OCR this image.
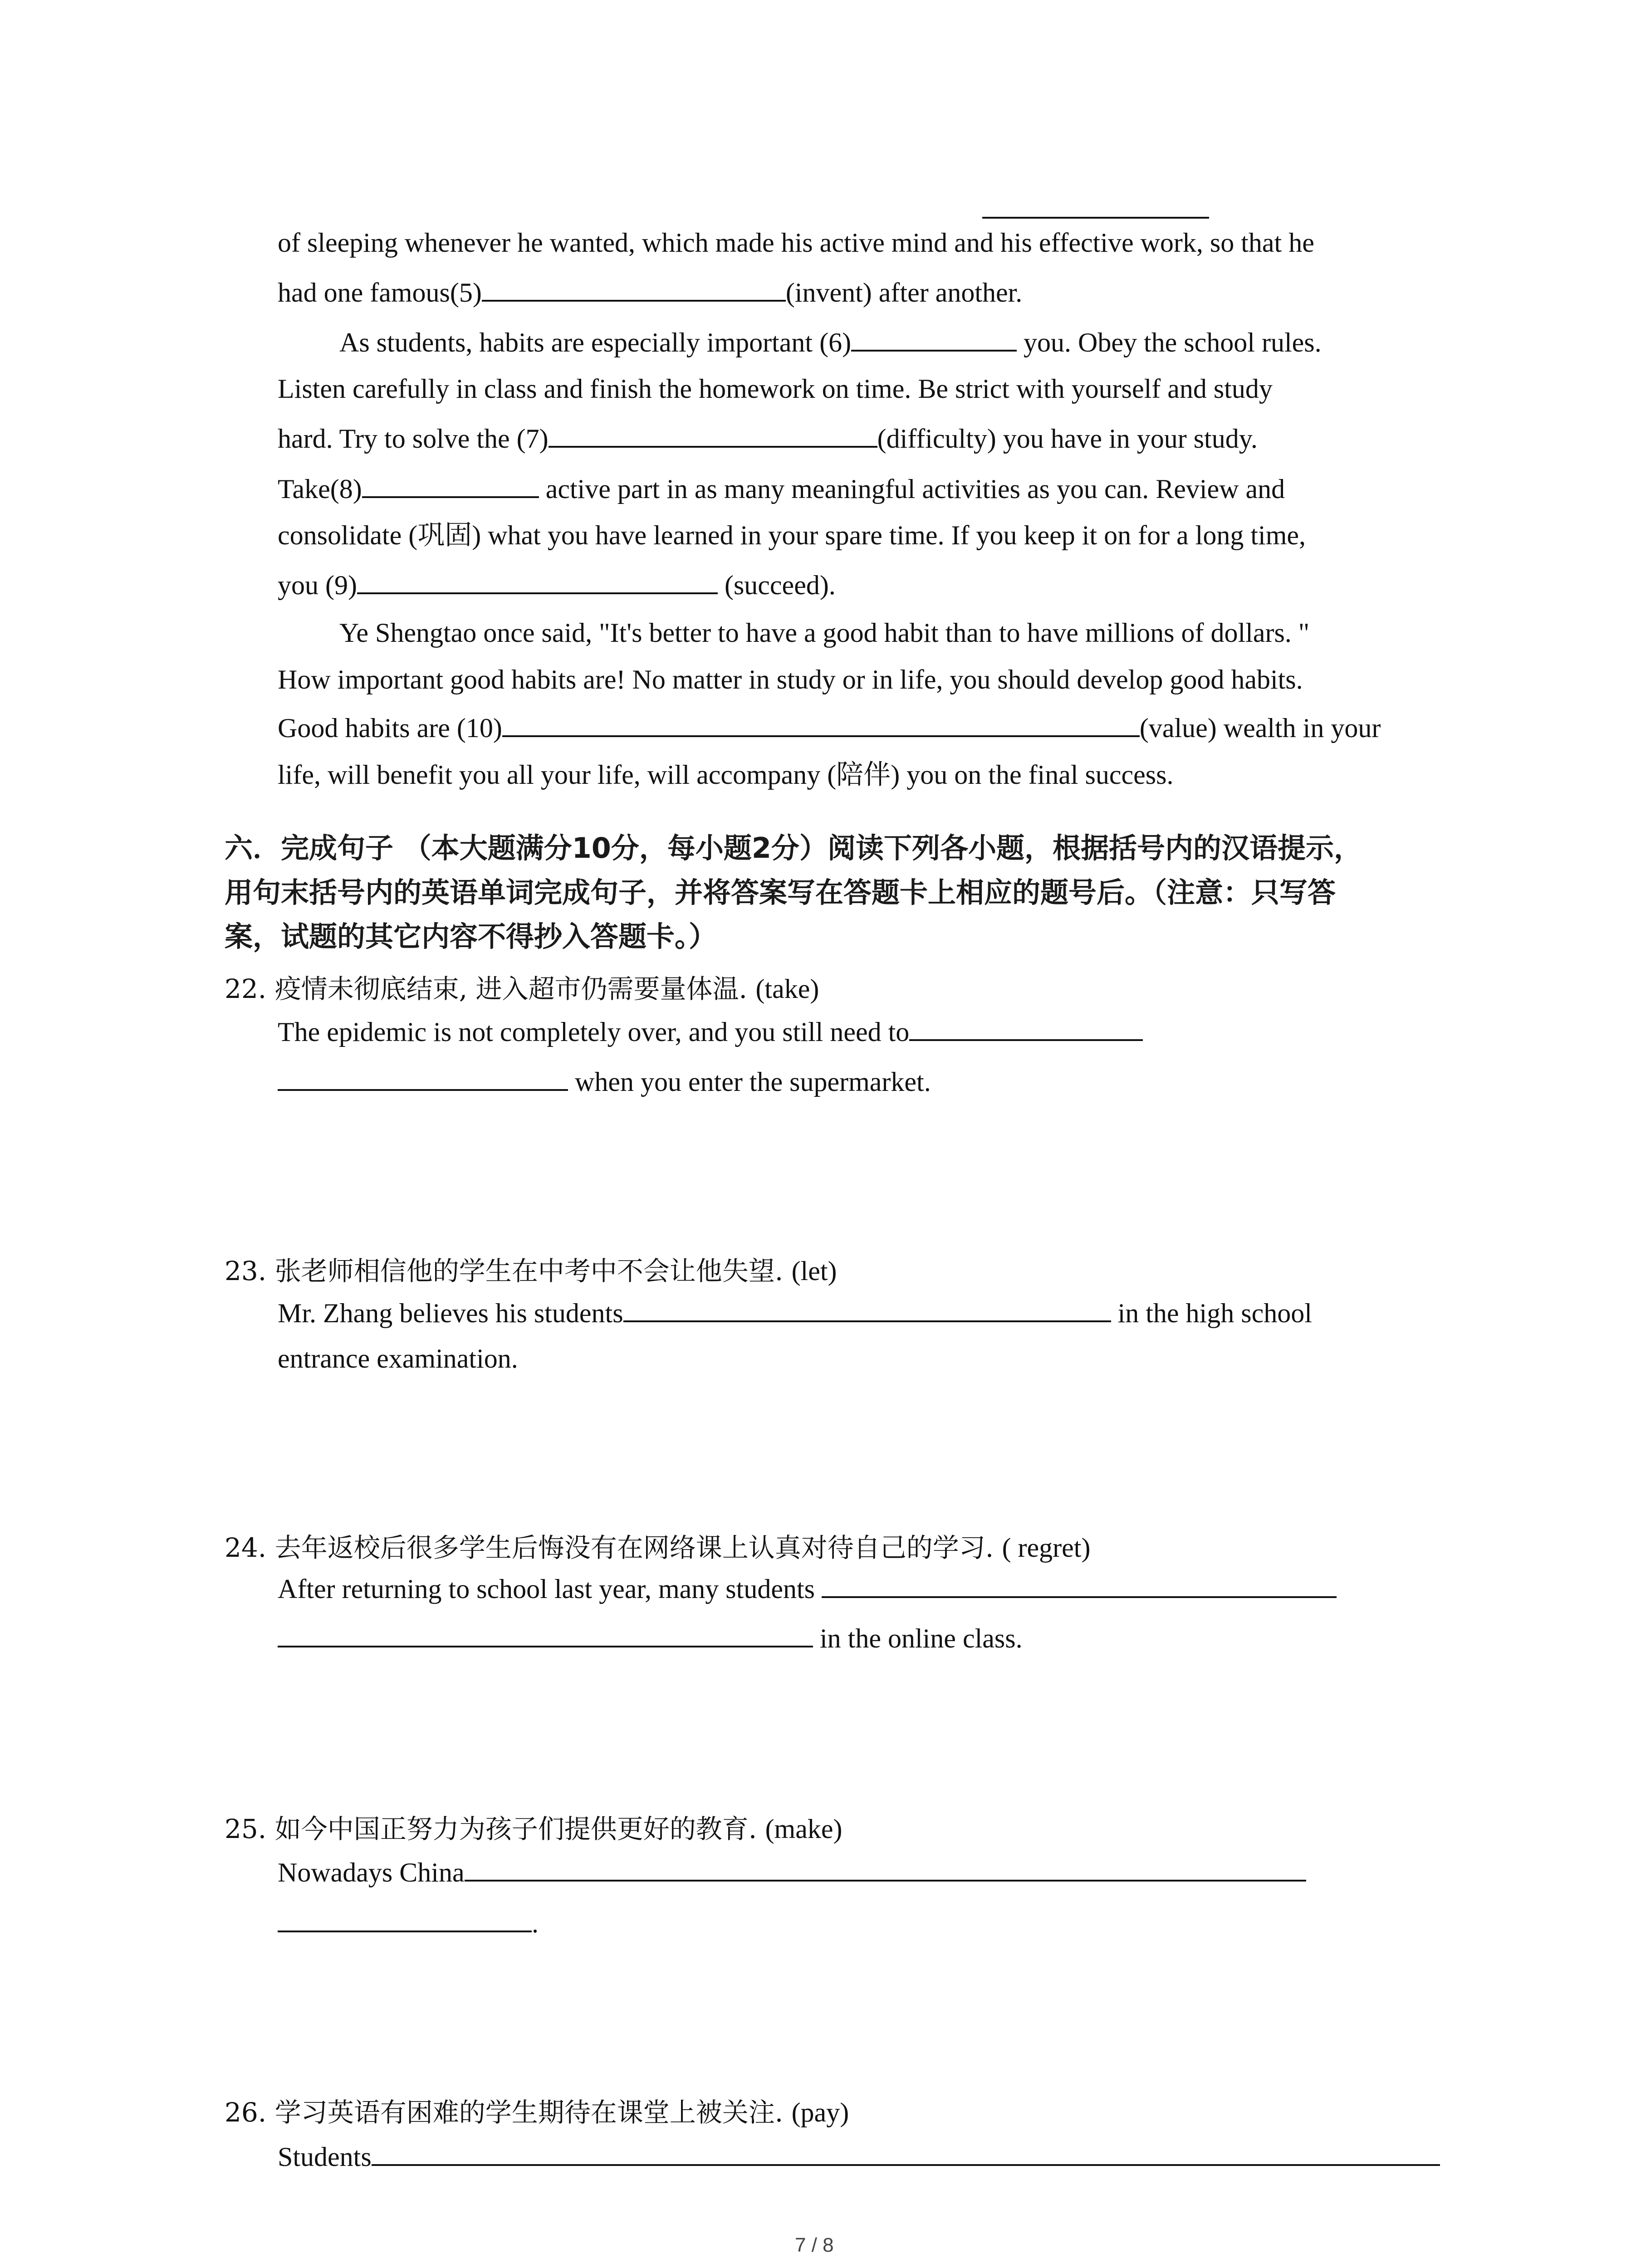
of sleeping whenever he wanted, which made his active mind and his effective work, so that he
had one famous(5)	(invent) after another.
As students, habits are especially important (6)	you. Obey the school rules.
Listen carefully in class and finish the homework on time. Be strict with yourself and study
hard. Try to solve the (7)	(difficulty) you have in your study.
Take(8)	active part in as many meaningful activities as you can. Review and
consolidate (巩固) what you have learned in your spare time. If you keep it on for a long time,
you (9)	(succeed).
Ye Shengtao once said, "It's better to have a good habit than to have millions of dollars. "
How important good habits are! No matter in study or in life, you should develop good habits.
Good habits are (10)	(value) wealth in your
life, will benefit you all your life, will accompany (陪伴) you on the final success.
六．完成句子 （本大题满分10分，每小题2分）阅读下列各小题，根据括号内的汉语提示，
用句末括号内的英语单词完成句子，并将答案写在答题卡上相应的题号后。（注意：只写答
案，试题的其它内容不得抄入答题卡。）
22. 疫情未彻底结束, 进入超市仍需要量体温. (take)
The epidemic is not completely over, and you still need to
when you enter the supermarket.
23. 张老师相信他的学生在中考中不会让他失望. (let)
Mr. Zhang believes his students	in the high school
entrance examination.
24. 去年返校后很多学生后悔没有在网络课上认真对待自己的学习. ( regret)
After returning to school last year, many students
in the online class.
25. 如今中国正努力为孩子们提供更好的教育. (make)
Nowadays China
.
26. 学习英语有困难的学生期待在课堂上被关注. (pay)
Students
7 / 8
